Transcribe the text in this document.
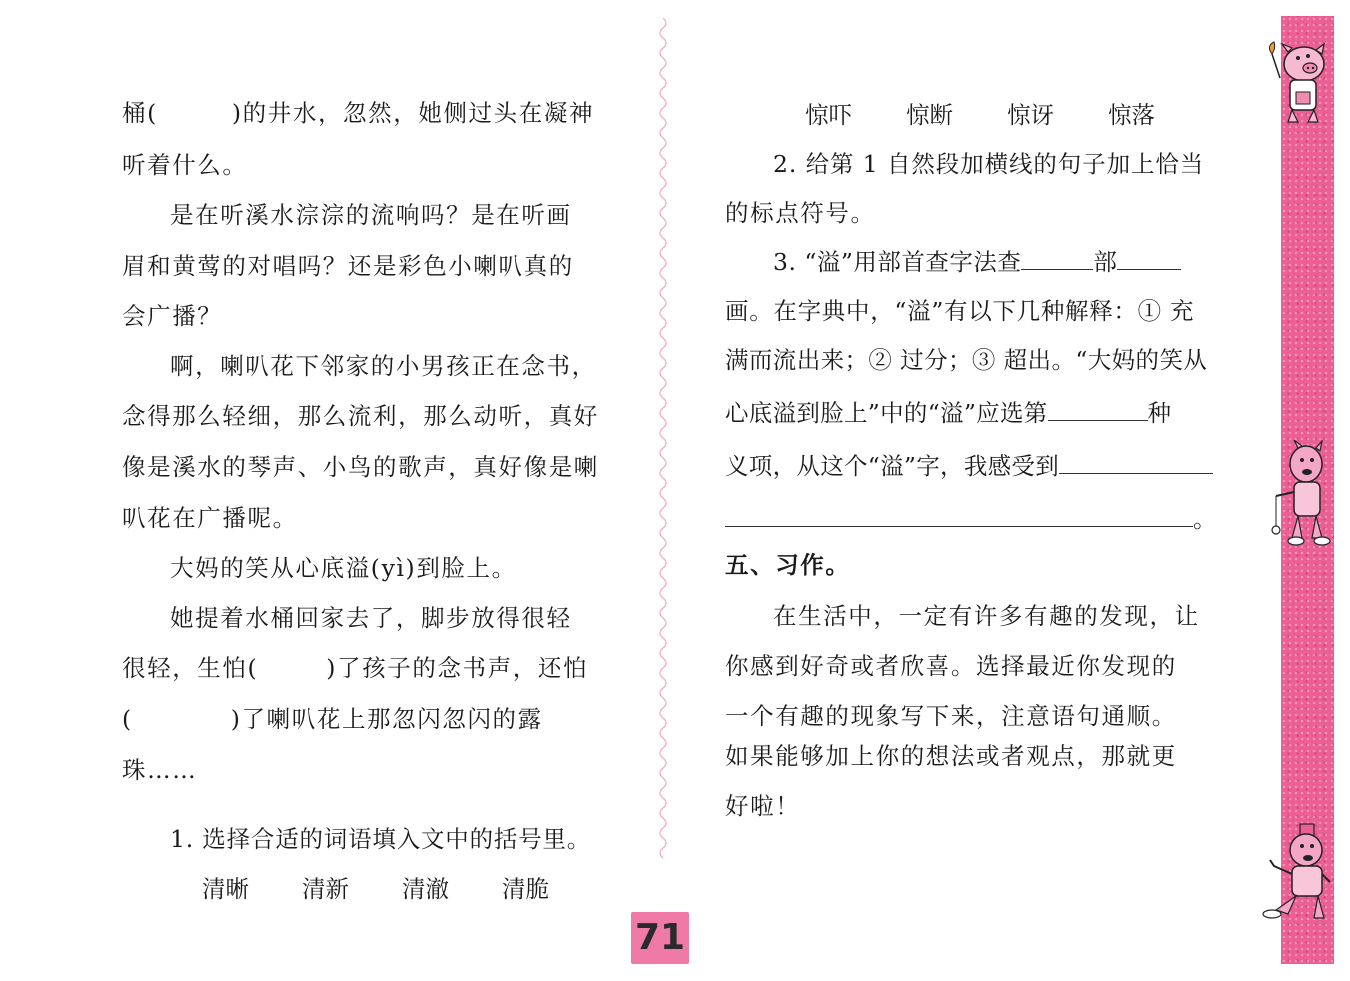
桶(	)的井水，忽然，她侧过头在凝神
听着什么。
是在听溪水淙淙的流响吗？是在听画
眉和黄莺的对唱吗？还是彩色小喇叭真的
会广播？
啊，喇叭花下邻家的小男孩正在念书，
念得那么轻细，那么流利，那么动听，真好
像是溪水的琴声、小鸟的歌声，真好像是喇
叭花在广播呢。
大妈的笑从心底溢(yì)到脸上。
她提着水桶回家去了，脚步放得很轻
很轻，生怕(	)了孩子的念书声，还怕
(	)了喇叭花上那忽闪忽闪的露
珠……
1. 选择合适的词语填入文中的括号里。
清晰 清新 清澈 清脆
惊吓 惊断 惊讶 惊落
2. 给第 1 自然段加横线的句子加上恰当
的标点符号。
3. “溢”用部首查字法查	部
画。在字典中，“溢”有以下几种解释：① 充
满而流出来；② 过分；③ 超出。“大妈的笑从
心底溢到脸上”中的“溢”应选第	种
义项，从这个“溢”字，我感受到
。
五、习作。
在生活中，一定有许多有趣的发现，让
你感到好奇或者欣喜。选择最近你发现的
一个有趣的现象写下来，注意语句通顺。
如果能够加上你的想法或者观点，那就更
好啦！
71
